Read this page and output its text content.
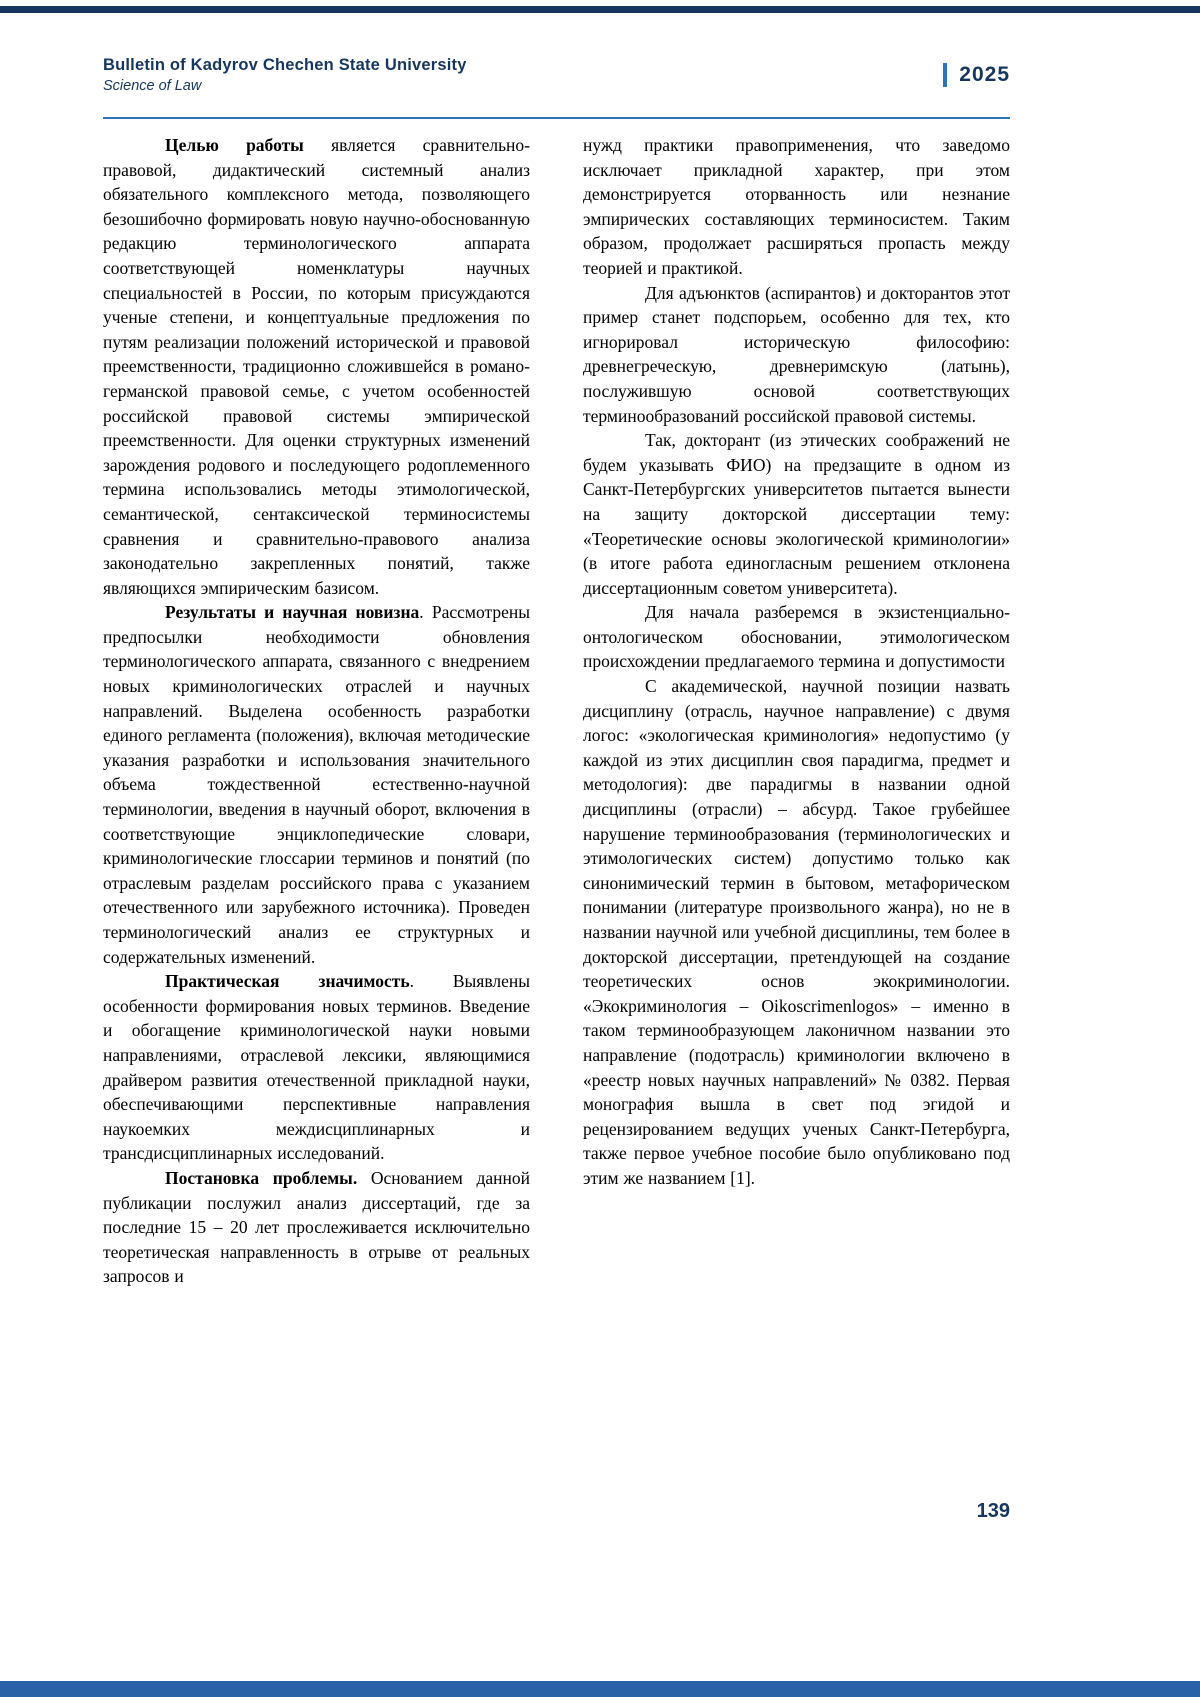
Bulletin of Kadyrov Chechen State University
Science of Law	2025

Целью работы является сравнительно-правовой, дидактический системный анализ обязательного комплексного метода, позволяющего безошибочно формировать новую научно-обоснованную редакцию терминологического аппарата соответствующей номенклатуры научных специальностей в России, по которым присуждаются ученые степени, и концептуальные предложения по путям реализации положений исторической и правовой преемственности, традиционно сложившейся в романо-германской правовой семье, с учетом особенностей российской правовой системы эмпирической преемственности. Для оценки структурных изменений зарождения родового и последующего родоплеменного термина использовались методы этимологической, семантической, сентаксической терминосистемы сравнения и сравнительно-правового анализа законодательно закрепленных понятий, также являющихся эмпирическим базисом.

Результаты и научная новизна. Рассмотрены предпосылки необходимости обновления терминологического аппарата, связанного с внедрением новых криминологических отраслей и научных направлений. Выделена особенность разработки единого регламента (положения), включая методические указания разработки и использования значительного объема тождественной естественно-научной терминологии, введения в научный оборот, включения в соответствующие энциклопедические словари, криминологические глоссарии терминов и понятий (по отраслевым разделам российского права с указанием отечественного или зарубежного источника). Проведен терминологический анализ ее структурных и содержательных изменений.

Практическая значимость. Выявлены особенности формирования новых терминов. Введение и обогащение криминологической науки новыми направлениями, отраслевой лексики, являющимися драйвером развития отечественной прикладной науки, обеспечивающими перспективные направления наукоемких междисциплинарных и трансдисциплинарных исследований.

Постановка проблемы. Основанием данной публикации послужил анализ диссертаций, где за последние 15 – 20 лет прослеживается исключительно теоретическая направленность в отрыве от реальных запросов и

нужд практики правоприменения, что заведомо исключает прикладной характер, при этом демонстрируется оторванность или незнание эмпирических составляющих терминосистем. Таким образом, продолжает расширяться пропасть между теорией и практикой.

Для адъюнктов (аспирантов) и докторантов этот пример станет подспорьем, особенно для тех, кто игнорировал историческую философию: древнегреческую, древнеримскую (латынь), послужившую основой соответствующих терминообразований российской правовой системы.

Так, докторант (из этических соображений не будем указывать ФИО) на предзащите в одном из Санкт-Петербургских университетов пытается вынести на защиту докторской диссертации тему: «Теоретические основы экологической криминологии» (в итоге работа единогласным решением отклонена диссертационным советом университета).

Для начала разберемся в экзистенциально-онтологическом обосновании, этимологическом происхождении предлагаемого термина и допустимости

С академической, научной позиции назвать дисциплину (отрасль, научное направление) с двумя логос: «экологическая криминология» недопустимо (у каждой из этих дисциплин своя парадигма, предмет и методология): две парадигмы в названии одной дисциплины (отрасли) – абсурд. Такое грубейшее нарушение терминообразования (терминологических и этимологических систем) допустимо только как синонимический термин в бытовом, метафорическом понимании (литературе произвольного жанра), но не в названии научной или учебной дисциплины, тем более в докторской диссертации, претендующей на создание теоретических основ экокриминологии. «Экокриминология – Oikoscrimenlogos» – именно в таком терминообразующем лаконичном названии это направление (подотрасль) криминологии включено в «реестр новых научных направлений» № 0382. Первая монография вышла в свет под эгидой и рецензированием ведущих ученых Санкт-Петербурга, также первое учебное пособие было опубликовано под этим же названием [1].

139
